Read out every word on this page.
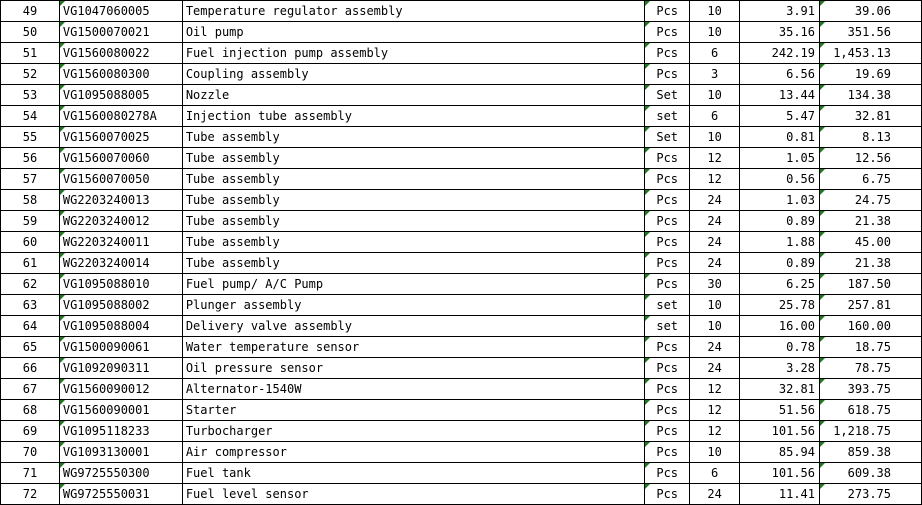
49	VG1047060005	Temperature regulator assembly	Pcs	10	3.91	39.06
50	VG1500070021	Oil pump	Pcs	10	35.16	351.56
51	VG1560080022	Fuel injection pump assembly	Pcs	6	242.19	1,453.13
52	VG1560080300	Coupling assembly	Pcs	3	6.56	19.69
53	VG1095088005	Nozzle	Set	10	13.44	134.38
54	VG1560080278A	Injection tube assembly	set	6	5.47	32.81
55	VG1560070025	Tube assembly	Set	10	0.81	8.13
56	VG1560070060	Tube assembly	Pcs	12	1.05	12.56
57	VG1560070050	Tube assembly	Pcs	12	0.56	6.75
58	WG2203240013	Tube assembly	Pcs	24	1.03	24.75
59	WG2203240012	Tube assembly	Pcs	24	0.89	21.38
60	WG2203240011	Tube assembly	Pcs	24	1.88	45.00
61	WG2203240014	Tube assembly	Pcs	24	0.89	21.38
62	VG1095088010	Fuel pump/ A/C Pump	Pcs	30	6.25	187.50
63	VG1095088002	Plunger assembly	set	10	25.78	257.81
64	VG1095088004	Delivery valve assembly	set	10	16.00	160.00
65	VG1500090061	Water temperature sensor	Pcs	24	0.78	18.75
66	VG1092090311	Oil pressure sensor	Pcs	24	3.28	78.75
67	VG1560090012	Alternator-1540W	Pcs	12	32.81	393.75
68	VG1560090001	Starter	Pcs	12	51.56	618.75
69	VG1095118233	Turbocharger	Pcs	12	101.56	1,218.75
70	VG1093130001	Air compressor	Pcs	10	85.94	859.38
71	WG9725550300	Fuel tank	Pcs	6	101.56	609.38
72	WG9725550031	Fuel level sensor	Pcs	24	11.41	273.75
